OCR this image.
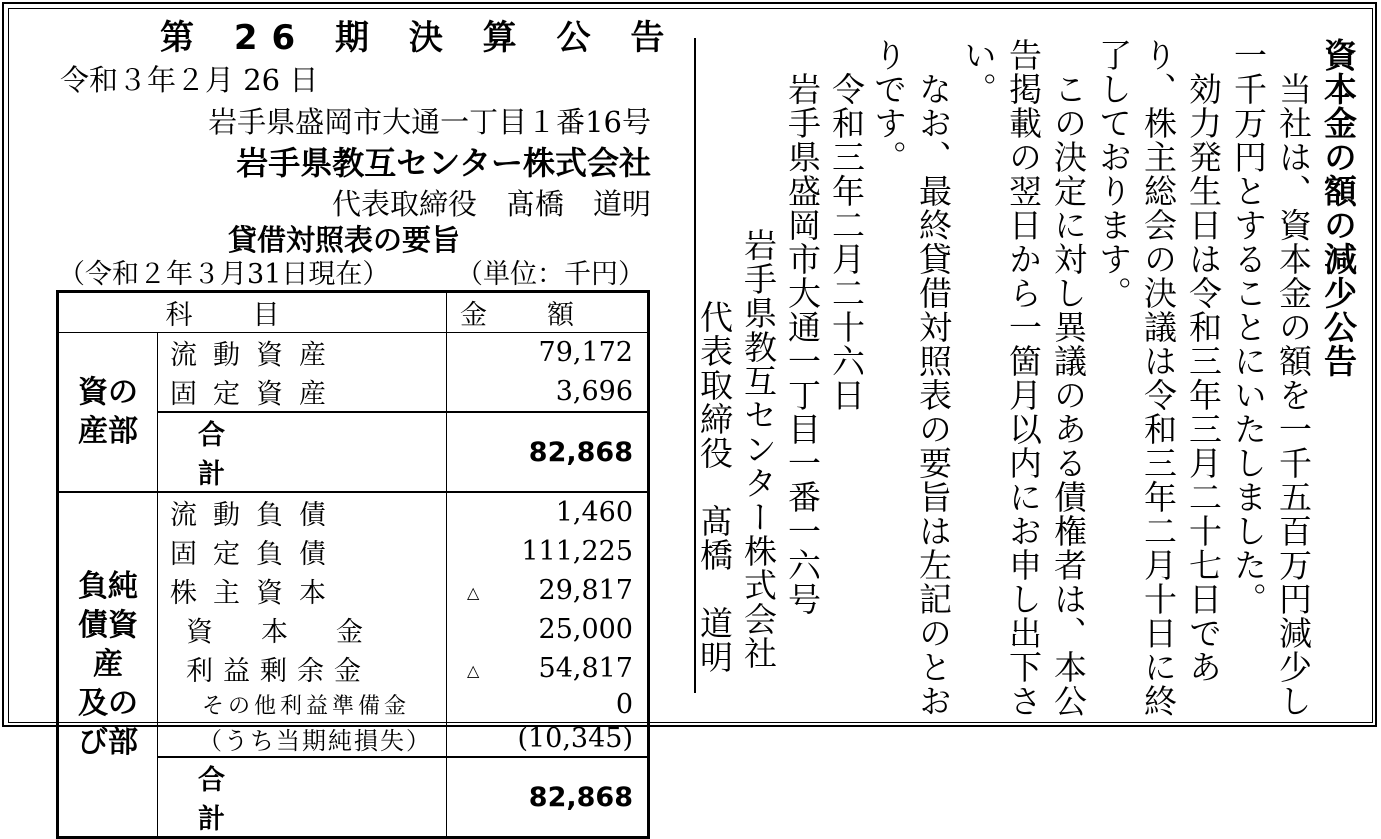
第 26 期 決 算 公 告
令和３年２月 26 日
岩手県盛岡市大通一丁目１番16号
岩手県教互センター株式会社
代表取締役　髙橋　道明
貸借対照表の要旨
（令和２年３月31日現在） （単位：千円）
科目		金額

資の
産部	流動資産	79,172
	固定資産	3,696
	合計	82,868

負純
債資
産
及の
び部	流動負債	1,460
	固定負債	111,225
	株主資本	△ 29,817
	資本金	25,000
	利益剰余金	△ 54,817
	その他利益準備金	0
	（うち当期純損失）	(10,345)
	合計	82,868
資本金の額の減少公告
当社は、資本金の額を一千五百万円減少し
一千万円とすることにいたしました。
効力発生日は令和三年三月二十七日であ
り、株主総会の決議は令和三年二月十日に終
了しております。
この決定に対し異議のある債権者は、本公
告掲載の翌日から一箇月以内にお申し出下さ
い。
なお、最終貸借対照表の要旨は左記のとお
りです。
令和三年二月二十六日
岩手県盛岡市大通一丁目一番一六号
岩手県教互センター株式会社
代表取締役　髙橋　道明
